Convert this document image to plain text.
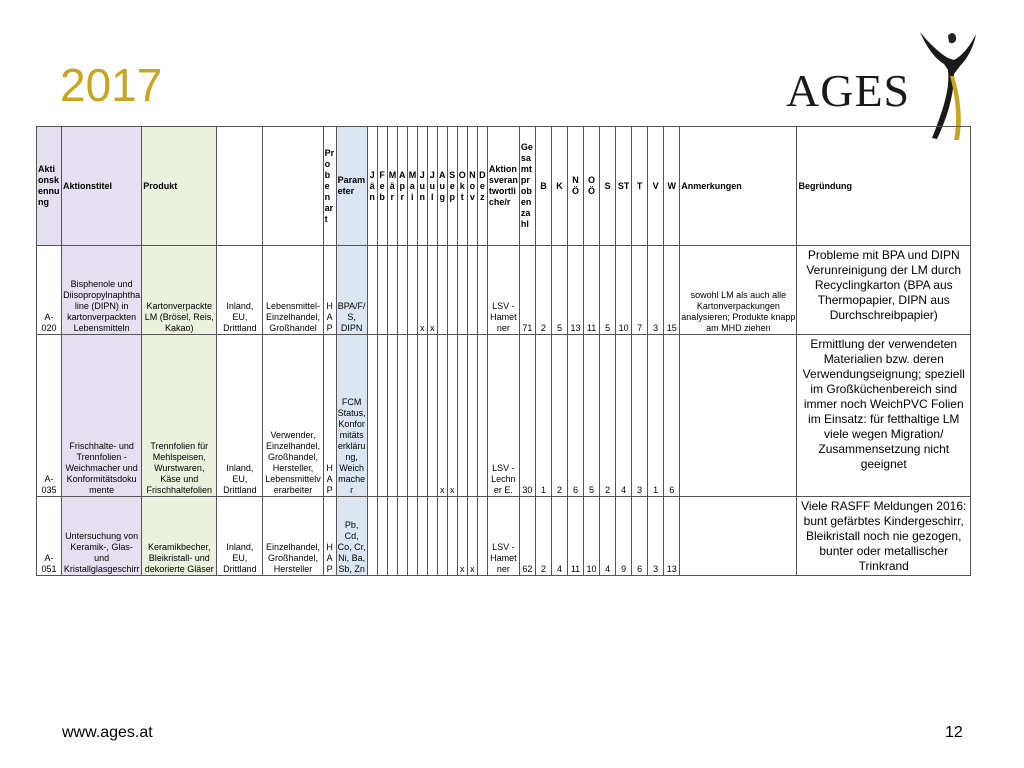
2017	AGES
Aktionskennung	Aktionstitel	Produkt			Probenart	Parameter	Jän	Feb	Mär	Apr	Mai	Jun	Jul	Aug	Sep	Okt	Nov	Dez	Aktionsverantwortliche/r	Gesamtprobenzahl	B	K	NÖ	OÖ	S	ST	T	V	W	Anmerkungen	Begründung
A-020	Bisphenole und Diisopropylnaphthaline (DIPN) in kartonverpackten Lebensmitteln	Kartonverpackte LM (Brösel, Reis, Kakao)	Inland, EU, Drittland	Lebensmittel-Einzelhandel, Großhandel	HAP	BPA/F/S, DIPN						x	x						LSV - Hametner	71	2	5	13	11	5	10	7	3	15	sowohl LM als auch alle Kartonverpackungen analysieren; Produkte knapp am MHD ziehen	Probleme mit BPA und DIPN Verunreinigung der LM durch Recyclingkarton (BPA aus Thermopapier, DIPN aus Durchschreibpapier)
A-035	Frischhalte- und Trennfolien - Weichmacher und Konformitätsdokumente	Trennfolien für Mehlspeisen, Wurstwaren, Käse und Frischhaltefolien	Inland, EU, Drittland	Verwender, Einzelhandel, Großhandel, Hersteller, Lebensmittelverarbeiter	HAP	FCM Status, Konformitätserklärung, Weichmacher								x	x				LSV - Lechner E.	30	1	2	6	5	2	4	3	1	6		Ermittlung der verwendeten Materialien bzw. deren Verwendungseignung; speziell im Großküchenbereich sind immer noch WeichPVC Folien im Einsatz: für fetthaltige LM viele wegen Migration/ Zusammensetzung nicht geeignet
A-051	Untersuchung von Keramik-, Glas- und Kristallglasgeschirr	Keramikbecher, Bleikristall- und dekorierte Gläser	Inland, EU, Drittland	Einzelhandel, Großhandel, Hersteller	HAP	Pb, Cd, Co, Cr, Ni, Ba, Sb, Zn										x	x		LSV - Hametner	62	2	4	11	10	4	9	6	3	13		Viele RASFF Meldungen 2016: bunt gefärbtes Kindergeschirr, Bleikristall noch nie gezogen, bunter oder metallischer Trinkrand
www.ages.at	12
